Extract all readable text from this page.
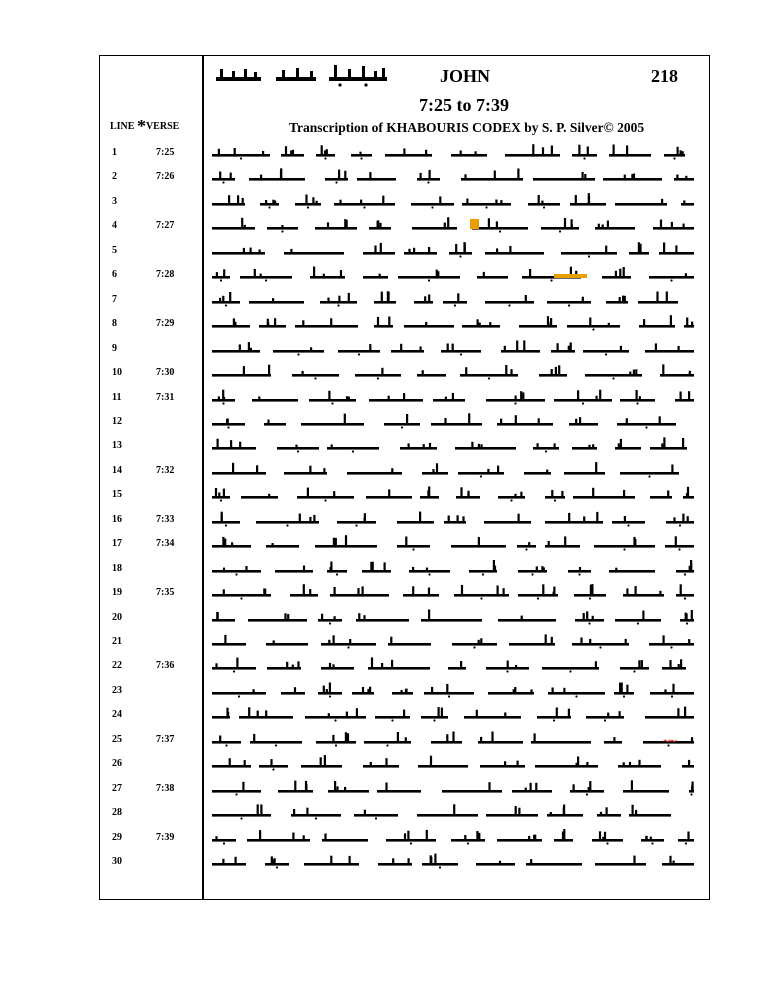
JOHN	218
7:25 to 7:39
Transcription of KHABOURIS CODEX by S. P. Silver© 2005
LINE *VERSE
1	7:25
2	7:26
3
4	7:27
5
6	7:28
7
8	7:29
9
10	7:30
11	7:31
12
13
14	7:32
15
16	7:33
17	7:34
18
19	7:35
20
21
22	7:36
23
24
25	7:37	~~
26
27	7:38
28
29	7:39
30
